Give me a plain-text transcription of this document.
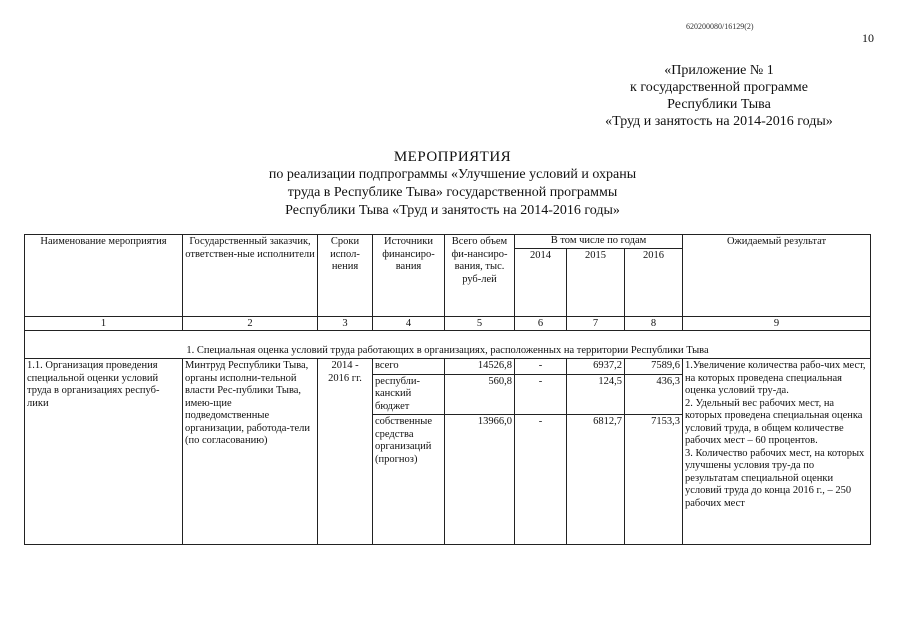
620200080/16129(2)
10
«Приложение № 1
к государственной программе
Республики Тыва
«Труд и занятость на 2014-2016 годы»
МЕРОПРИЯТИЯ
по реализации подпрограммы «Улучшение условий и охраны
труда в Республике Тыва» государственной программы
Республики Тыва «Труд и занятость на 2014-2016 годы»
Наименование мероприятия	Государственный заказчик, ответствен-ные исполнители	Сроки испол-нения	Источники финансиро-вания	Всего объем фи-нансиро-вания, тыс. руб-лей	В том числе по годам			Ожидаемый результат
					2014	2015	2016	
1	2	3	4	5	6	7	8	9

1. Специальная оценка условий труда работающих в организациях, расположенных на территории Республики Тыва								
1.1. Организация проведения специальной оценки условий труда в организациях респуб-лики	Минтруд Республики Тыва, органы исполни-тельной власти Рес-публики Тыва, имею-щие подведомственные организации, работода-тели (по согласованию)	2014 - 2016 гг.	всего	14526,8	-	6937,2	7589,6	1.Увеличение количества рабо-чих мест, на которых проведена специальная оценка условий тру-да.
2. Удельный вес рабочих мест, на которых проведена специальная оценка условий труда, в общем количестве рабочих мест – 60 процентов.
3. Количество рабочих мест, на которых улучшены условия тру-да по результатам специальной оценки условий труда до конца 2016 г., – 250 рабочих мест

			республи-канский бюджет	560,8	-	124,5	436,3	
			собственные средства организаций (прогноз)	13966,0	-	6812,7	7153,3	
